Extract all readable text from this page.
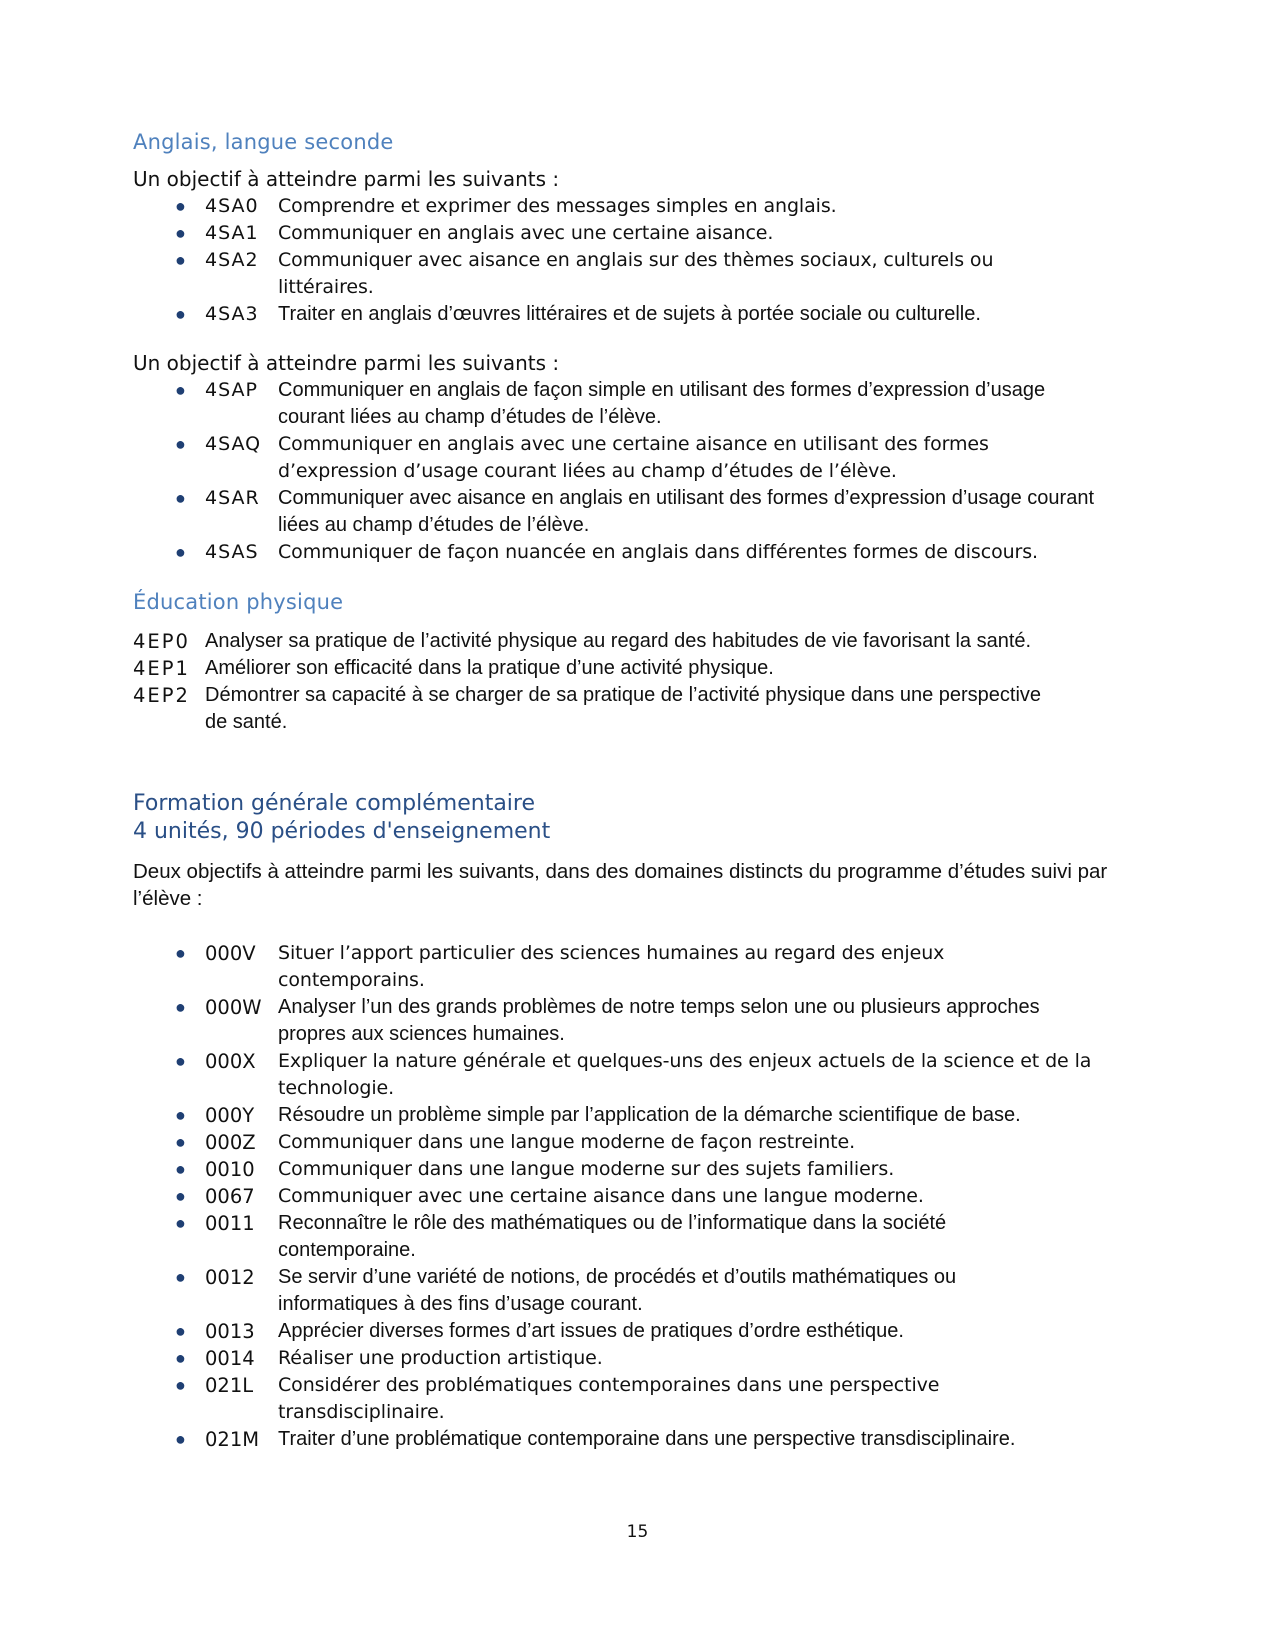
Anglais, langue seconde

Un objectif à atteindre parmi les suivants :

● 4SA0 Comprendre et exprimer des messages simples en anglais.
● 4SA1 Communiquer en anglais avec une certaine aisance.
● 4SA2 Communiquer avec aisance en anglais sur des thèmes sociaux, culturels ou littéraires.
● 4SA3 Traiter en anglais d’œuvres littéraires et de sujets à portée sociale ou culturelle.

Un objectif à atteindre parmi les suivants :

● 4SAP Communiquer en anglais de façon simple en utilisant des formes d’expression d’usage courant liées au champ d’études de l’élève.
● 4SAQ Communiquer en anglais avec une certaine aisance en utilisant des formes d’expression d’usage courant liées au champ d’études de l’élève.
● 4SAR Communiquer avec aisance en anglais en utilisant des formes d’expression d’usage courant liées au champ d’études de l’élève.
● 4SAS Communiquer de façon nuancée en anglais dans différentes formes de discours.
Éducation physique
4EP0 Analyser sa pratique de l’activité physique au regard des habitudes de vie favorisant la santé.
4EP1 Améliorer son efficacité dans la pratique d’une activité physique.
4EP2 Démontrer sa capacité à se charger de sa pratique de l’activité physique dans une perspective de santé.
Formation générale complémentaire
4 unités, 90 périodes d'enseignement

Deux objectifs à atteindre parmi les suivants, dans des domaines distincts du programme d’études suivi par l’élève :

● 000V Situer l’apport particulier des sciences humaines au regard des enjeux contemporains.
● 000W Analyser l’un des grands problèmes de notre temps selon une ou plusieurs approches propres aux sciences humaines.
● 000X Expliquer la nature générale et quelques-uns des enjeux actuels de la science et de la technologie.
● 000Y Résoudre un problème simple par l’application de la démarche scientifique de base.
● 000Z Communiquer dans une langue moderne de façon restreinte.
● 0010 Communiquer dans une langue moderne sur des sujets familiers.
● 0067 Communiquer avec une certaine aisance dans une langue moderne.
● 0011 Reconnaître le rôle des mathématiques ou de l’informatique dans la société contemporaine.
● 0012 Se servir d’une variété de notions, de procédés et d’outils mathématiques ou informatiques à des fins d’usage courant.
● 0013 Apprécier diverses formes d’art issues de pratiques d’ordre esthétique.
● 0014 Réaliser une production artistique.
● 021L Considérer des problématiques contemporaines dans une perspective transdisciplinaire.
● 021M Traiter d’une problématique contemporaine dans une perspective transdisciplinaire.
15
